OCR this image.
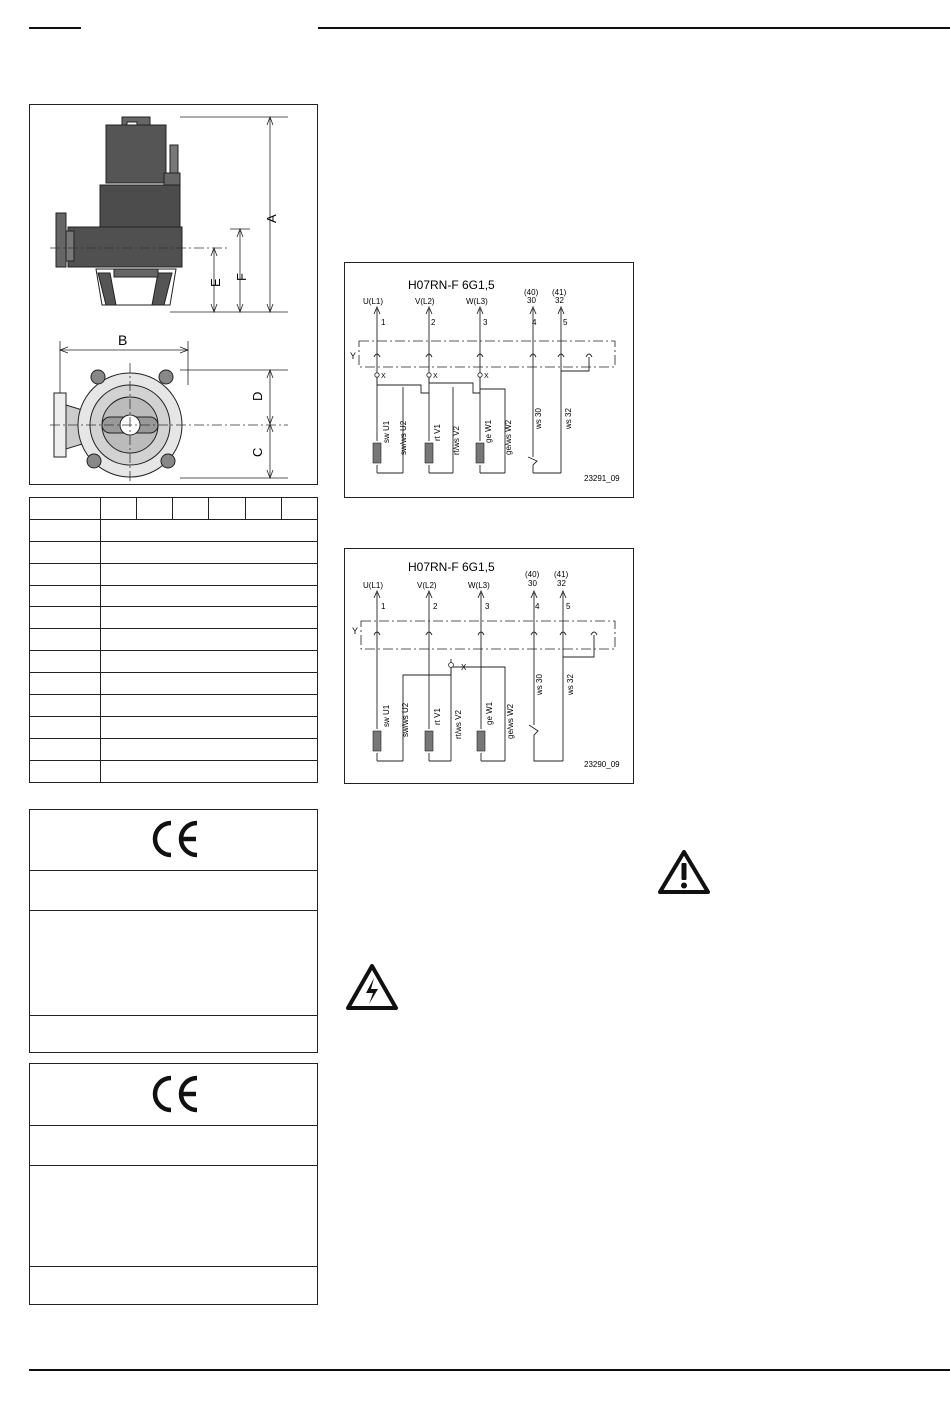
A
F
E
B
D
C

H07RN-F 6G1,5
U(L1)	V(L2)	W(L3)
(40) (41)
30 32
1	2	3	4	5
Y
23291_09
X	X	X
sw U1 sw/ws U2	rt V1 rt/ws V2	ge W1 ge/ws W2
ws 30	ws 32
H07RN-F 6G1,5
U(L1)	V(L2)	W(L3)
(40) (41)
30	32
1	2	3	4	5
Y
23290_09
X
sw U1 sw/ws U2	rt V1 rt/ws V2	ge W1 ge/ws W2
ws 30	ws 32
